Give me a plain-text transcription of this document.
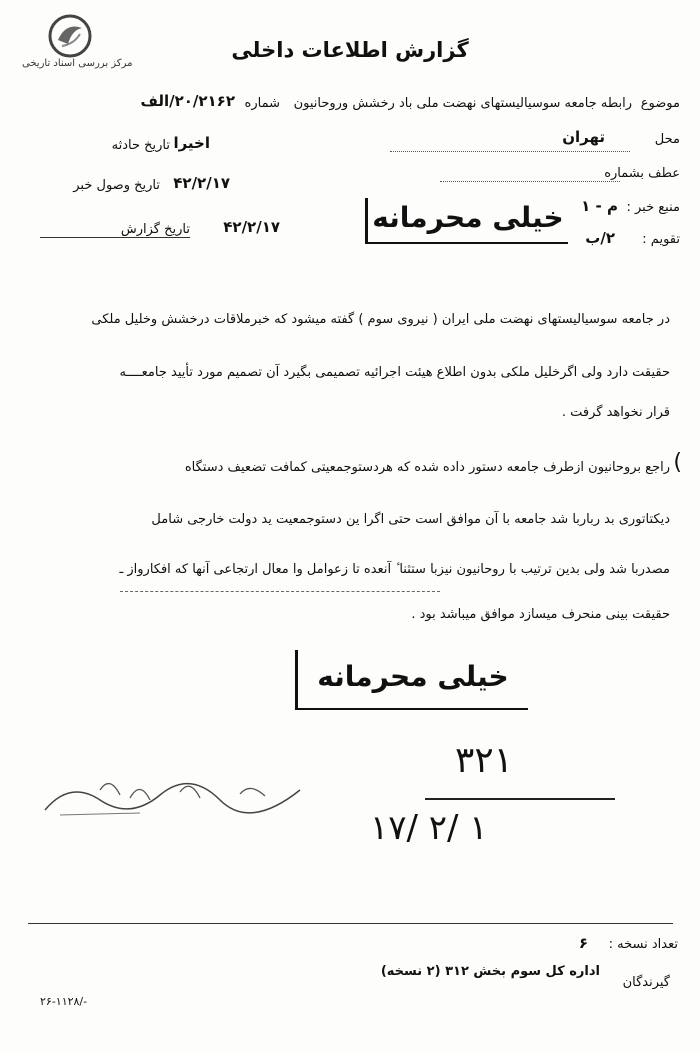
مرکز بررسی اسناد تاریخی
گزارش اطلاعات داخلی
موضوع
رابطه جامعه سوسیالیستهای نهضت ملی باد رخشش وروحانیون
شماره
۲۰/۲۱۶۲/الف
محل
تهران
تاریخ حادثه اخیرا
عطف بشماره
تاریخ وصول خبر ۴۲/۲/۱۷
منبع خبر :
م - ۱
خیلی محرمانه
تاریخ گزارش ۴۲/۲/۱۷
تقویم :
۲/ب
در جامعه سوسیالیستهای نهضت ملی ایران ( نیروی سوم ) گفته میشود که خبرملاقات درخشش وخلیل ملکی
حقیقت دارد ولی اگرخلیل ملکی بدون اطلاع هیئت اجرائیه تصمیمی بگیرد آن تصمیم مورد تأیید جامعــــه
قرار نخواهد گرفت .
(
راجع بروحانیون ازطرف جامعه دستور داده شده که هردستوجمعیتی کمافت تضعیف دستگاه
دیکتاتوری بد رباربا شد جامعه با آن موافق است حتی اگرا ین دستوجمعیت ید دولت خارجی شامل
مصدربا شد ولی بدین ترتیب با روحانیون نیزبا ستثنا ٔ آنعده تا زعوامل وا معال ارتجاعی آنها که افکارواز ـ
حقیقت بینی منحرف میسازد موافق میباشد بود .
خیلی محرمانه
۳۲۱
۱۷/ ۲/ ۱
تعداد نسخه :
۶
گیرندگان
اداره کل سوم بخش ۳۱۲ (۲ نسخه)
۲۶-۱۱۲۸/-
